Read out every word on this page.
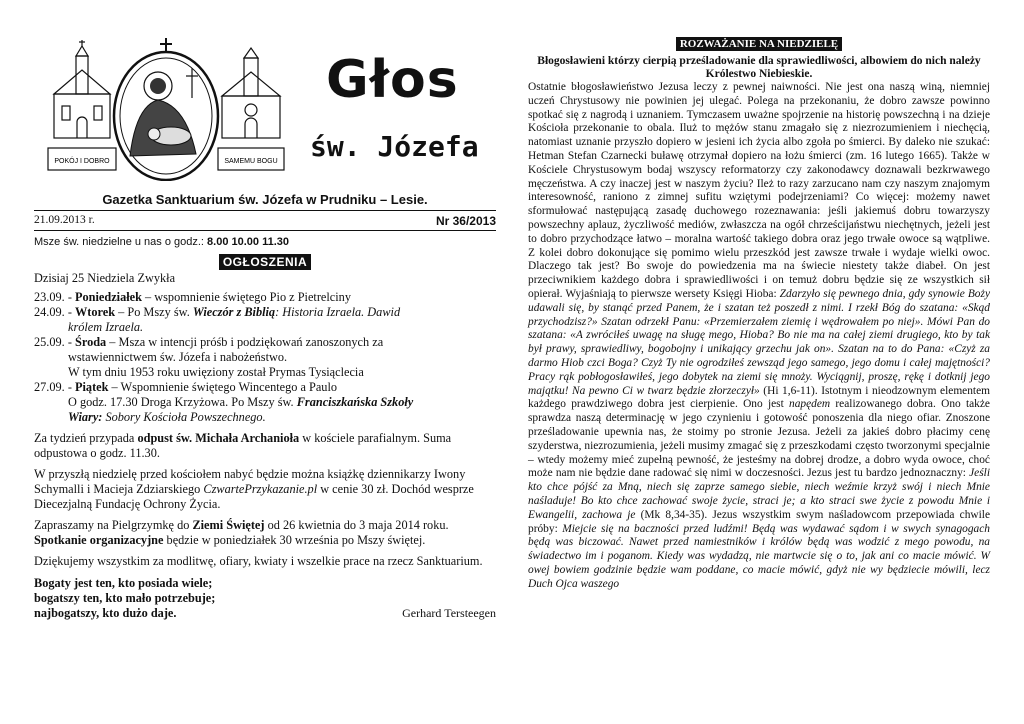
POKÓJ I DOBRO	SAMEMU BOGU
Głos
św. Józefa
Gazetka Sanktuarium św. Józefa w Prudniku – Lesie.
21.09.2013 r.	Nr 36/2013
Msze św. niedzielne u nas o godz.: 8.00 10.00 11.30
OGŁOSZENIA
Dzisiaj 25 Niedziela Zwykła
23.09. - Poniedziałek – wspomnienie świętego Pio z Pietrelciny
24.09. - Wtorek – Po Mszy św. Wieczór z Biblią: Historia Izraela. Dawid
królem Izraela.
25.09. - Środa – Msza w intencji próśb i podziękowań zanoszonych za
wstawiennictwem św. Józefa i nabożeństwo.
W tym dniu 1953 roku uwięziony został Prymas Tysiąclecia
27.09. - Piątek – Wspomnienie świętego Wincentego a Paulo
O godz. 17.30 Droga Krzyżowa. Po Mszy św. Franciszkańska Szkoły
Wiary: Sobory Kościoła Powszechnego.

Za tydzień przypada odpust św. Michała Archanioła w kościele parafialnym. Suma odpustowa o godz. 11.30.

W przyszłą niedzielę przed kościołem nabyć będzie można książkę dziennikarzy Iwony Schymalli i Macieja Zdziarskiego CzwartePrzykazanie.pl w cenie 30 zł. Dochód wesprze Diecezjalną Fundację Ochrony Życia.

Zapraszamy na Pielgrzymkę do Ziemi Świętej od 26 kwietnia do 3 maja 2014 roku. Spotkanie organizacyjne będzie w poniedziałek 30 września po Mszy świętej.

Dziękujemy wszystkim za modlitwę, ofiary, kwiaty i wszelkie prace na rzecz Sanktuarium.

Bogaty jest ten, kto posiada wiele;
bogatszy ten, kto mało potrzebuje;
najbogatszy, kto dużo daje.	Gerhard Tersteegen
ROZWAŻANIE NA NIEDZIELĘ
Błogosławieni którzy cierpią prześladowanie dla sprawiedliwości, albowiem do nich należy Królestwo Niebieskie.
Ostatnie błogosławieństwo Jezusa leczy z pewnej naiwności. Nie jest ona naszą winą, niemniej uczeń Chrystusowy nie powinien jej ulegać. Polega na przekonaniu, że dobro zawsze powinno spotkać się z nagrodą i uznaniem. Tymczasem uważne spojrzenie na historię powszechną i na dzieje Kościoła przekonanie to obala. Iluż to mężów stanu zmagało się z niezrozumieniem i niechęcią, natomiast uznanie przyszło dopiero w jesieni ich życia albo zgoła po śmierci. By daleko nie szukać: Hetman Stefan Czarnecki buławę otrzymał dopiero na łożu śmierci (zm. 16 lutego 1665). Także w Kościele Chrystusowym bodaj wszyscy reformatorzy czy zakonodawcy doznawali bezkrwawego męczeństwa. A czy inaczej jest w naszym życiu? Ileż to razy zarzucano nam czy naszym znajomym interesowność, raniono z zimnej sufitu wziętymi podejrzeniami? Co więcej: możemy nawet sformułować następującą zasadę duchowego rozeznawania: jeśli jakiemuś dobru towarzyszy powszechny aplauz, życzliwość mediów, zwłaszcza na ogół chrześcijaństwu niechętnych, jeżeli jest to dobro przychodzące łatwo – moralna wartość takiego dobra oraz jego trwałe owoce są wątpliwe. Z kolei dobro dokonujące się pomimo wielu przeszkód jest zawsze trwałe i wydaje wielki owoc. Dlaczego tak jest? Bo swoje do powiedzenia ma na świecie niestety także diabeł. On jest przeciwnikiem każdego dobra i sprawiedliwości i on temuż dobru będzie się ze wszystkich sił opierał. Wyjaśniają to pierwsze wersety Księgi Hioba: Zdarzyło się pewnego dnia, gdy synowie Boży udawali się, by stanąć przed Panem, że i szatan też poszedł z nimi. I rzekł Bóg do szatana: «Skąd przychodzisz?» Szatan odrzekł Panu: «Przemierzałem ziemię i wędrowałem po niej». Mówi Pan do szatana: «A zwróciłeś uwagę na sługę mego, Hioba? Bo nie ma na całej ziemi drugiego, kto by tak był prawy, sprawiedliwy, bogobojny i unikający grzechu jak on». Szatan na to do Pana: «Czyż za darmo Hiob czci Boga? Czyż Ty nie ogrodziłeś zewsząd jego samego, jego domu i całej majętności? Pracy rąk pobłogosławiłeś, jego dobytek na ziemi się mnoży. Wyciągnij, proszę, rękę i dotknij jego majątku! Na pewno Ci w twarz będzie złorzeczył» (Hi 1,6-11). Istotnym i nieodzownym elementem każdego prawdziwego dobra jest cierpienie. Ono jest napędem realizowanego dobra. Ono także sprawdza naszą determinację w jego czynieniu i gotowość ponoszenia dla niego ofiar. Znoszone prześladowanie upewnia nas, że stoimy po stronie Jezusa. Jeżeli za jakieś dobro płacimy cenę szyderstwa, niezrozumienia, jeżeli musimy zmagać się z przeszkodami często tworzonymi specjalnie – wtedy możemy mieć zupełną pewność, że jesteśmy na dobrej drodze, a dobro wyda owoce, choć może nam nie będzie dane radować się nimi w doczesności. Jezus jest tu bardzo jednoznaczny: Jeśli kto chce pójść za Mną, niech się zaprze samego siebie, niech weźmie krzyż swój i niech Mnie naśladuje! Bo kto chce zachować swoje życie, straci je; a kto straci swe życie z powodu Mnie i Ewangelii, zachowa je (Mk 8,34-35). Jezus wszystkim swym naśladowcom przepowiada chwile próby: Miejcie się na baczności przed ludźmi! Będą was wydawać sądom i w swych synagogach będą was biczować. Nawet przed namiestników i królów będą was wodzić z mego powodu, na świadectwo im i poganom. Kiedy was wydadzą, nie martwcie się o to, jak ani co macie mówić. W owej bowiem godzinie będzie wam poddane, co macie mówić, gdyż nie wy będziecie mówili, lecz Duch Ojca waszego
